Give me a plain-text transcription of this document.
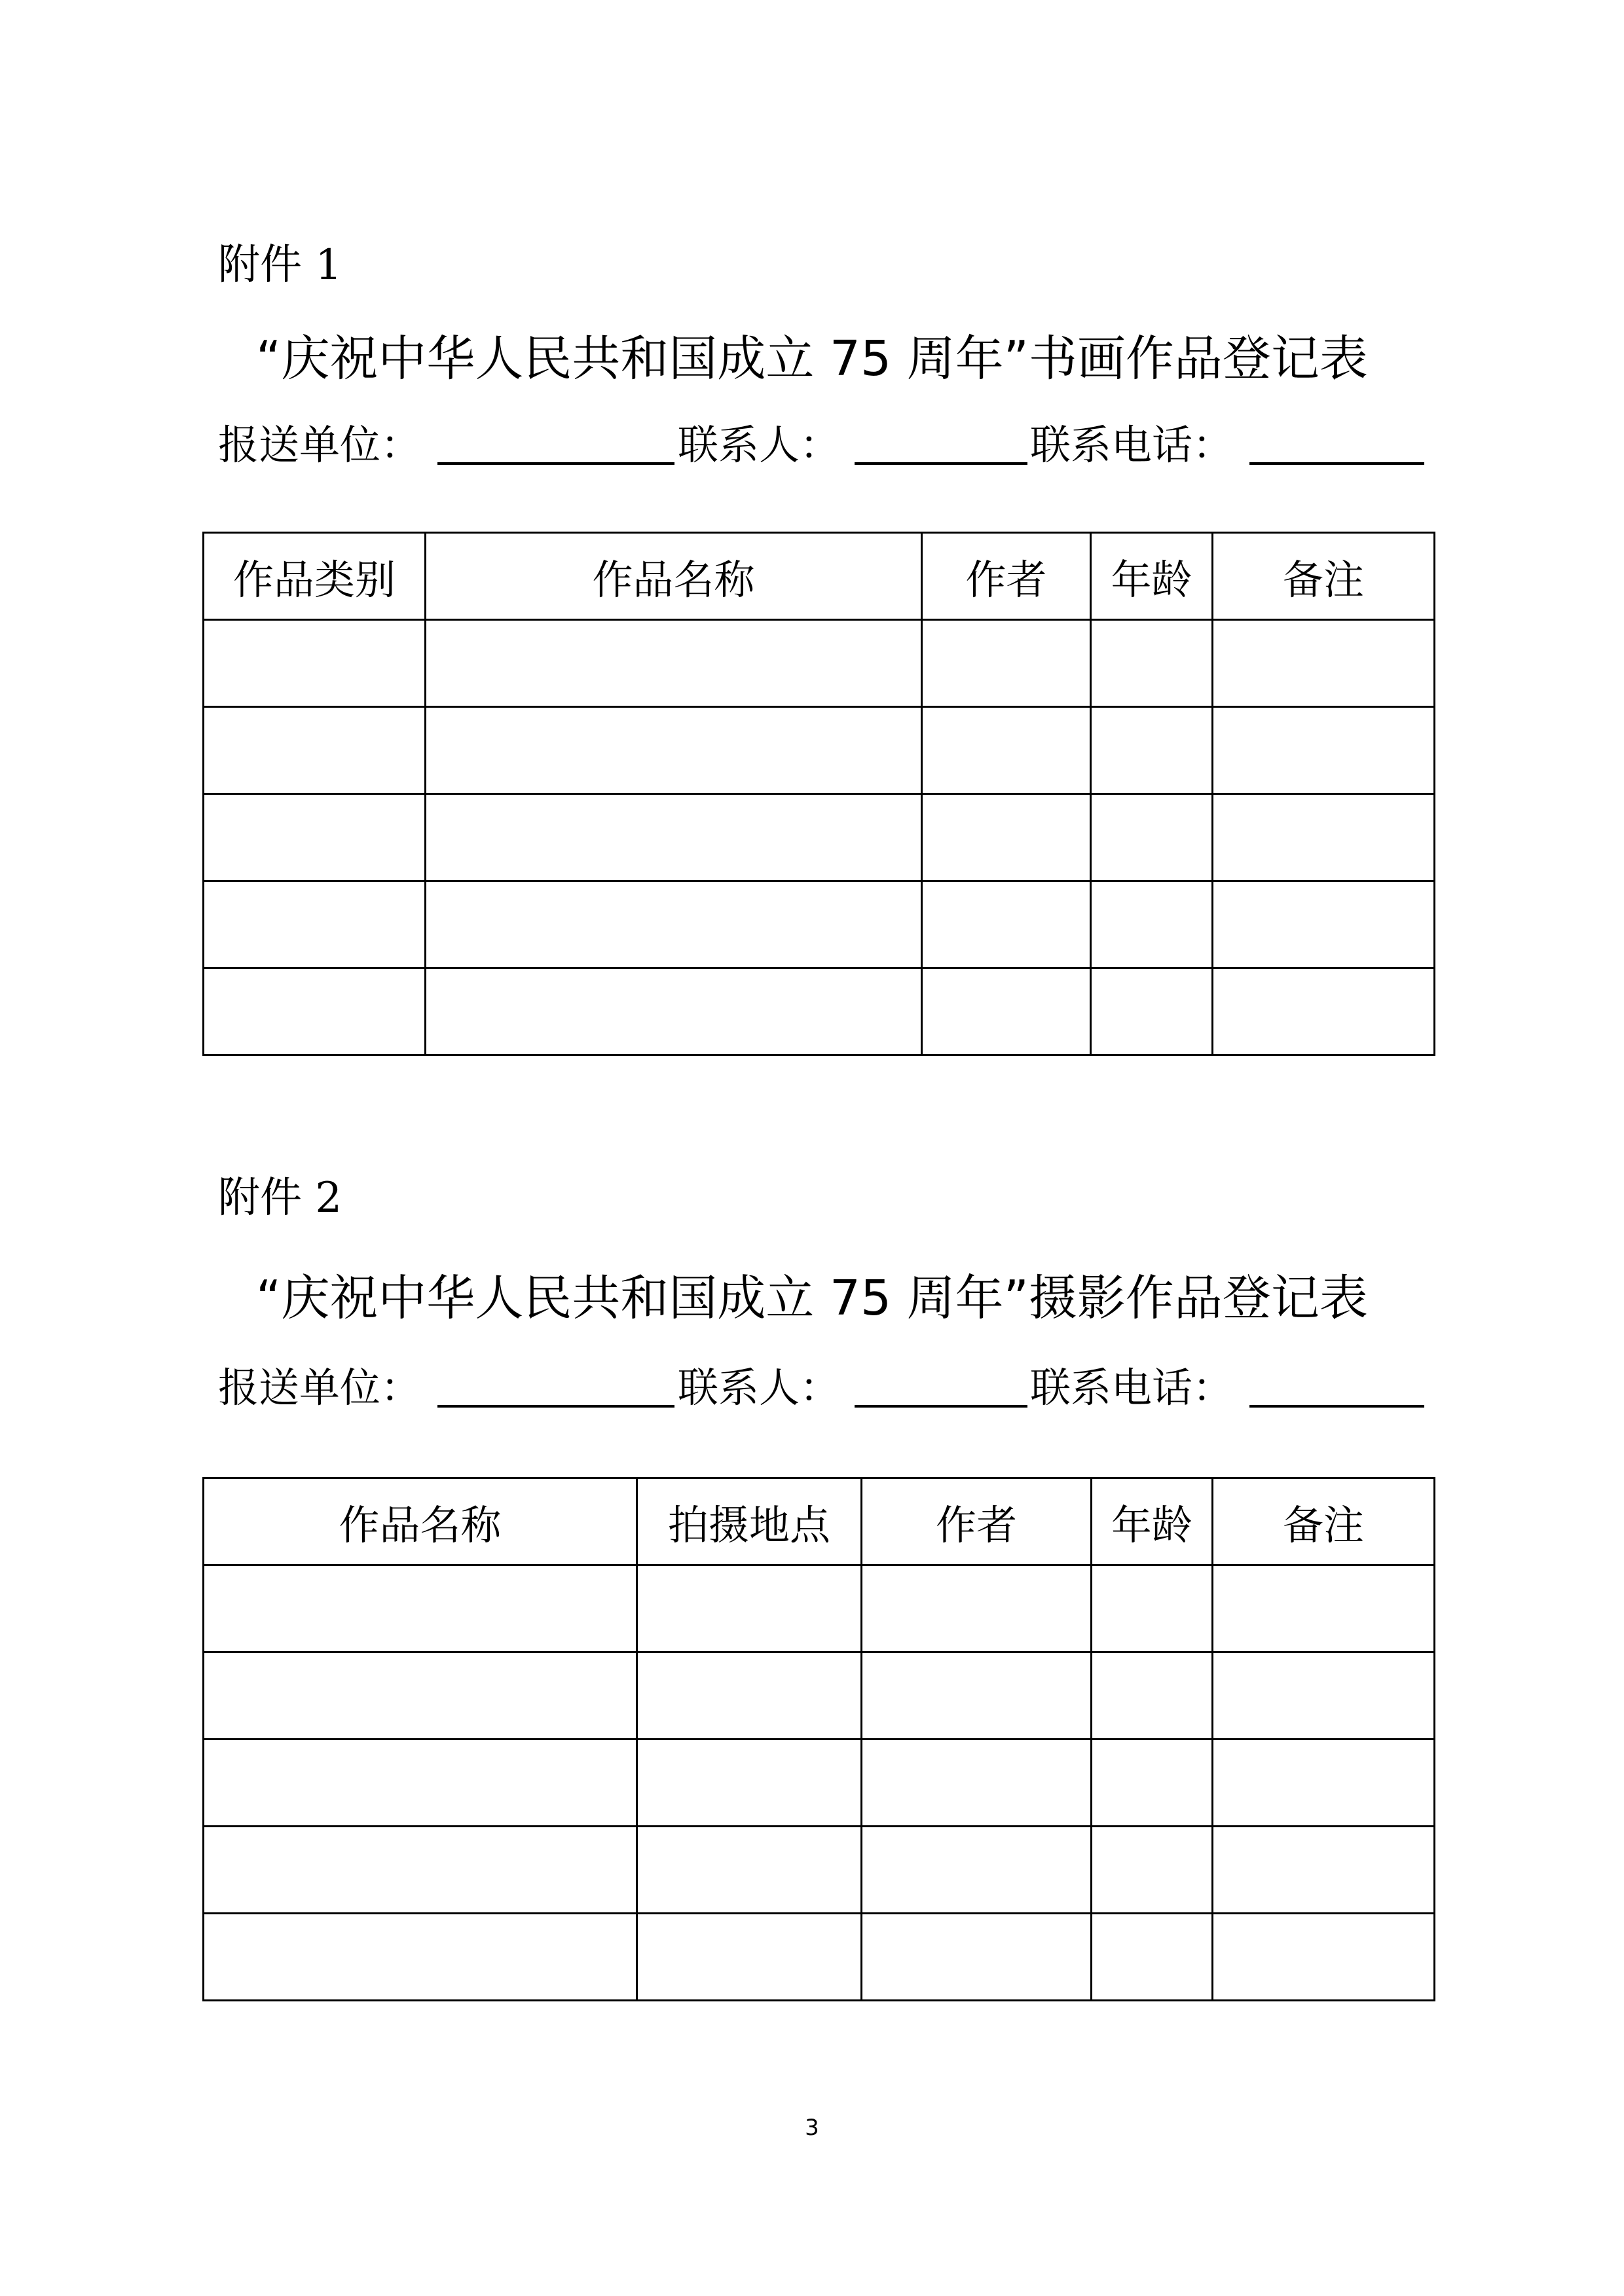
附件 1
“庆祝中华人民共和国成立 75 周年”书画作品登记表
报送单位：	联系人：	联系电话：
作品类别	作品名称	作者	年龄	备注

附件 2
“庆祝中华人民共和国成立 75 周年”摄影作品登记表
报送单位：	联系人：	联系电话：
作品名称	拍摄地点	作者	年龄	备注

3
